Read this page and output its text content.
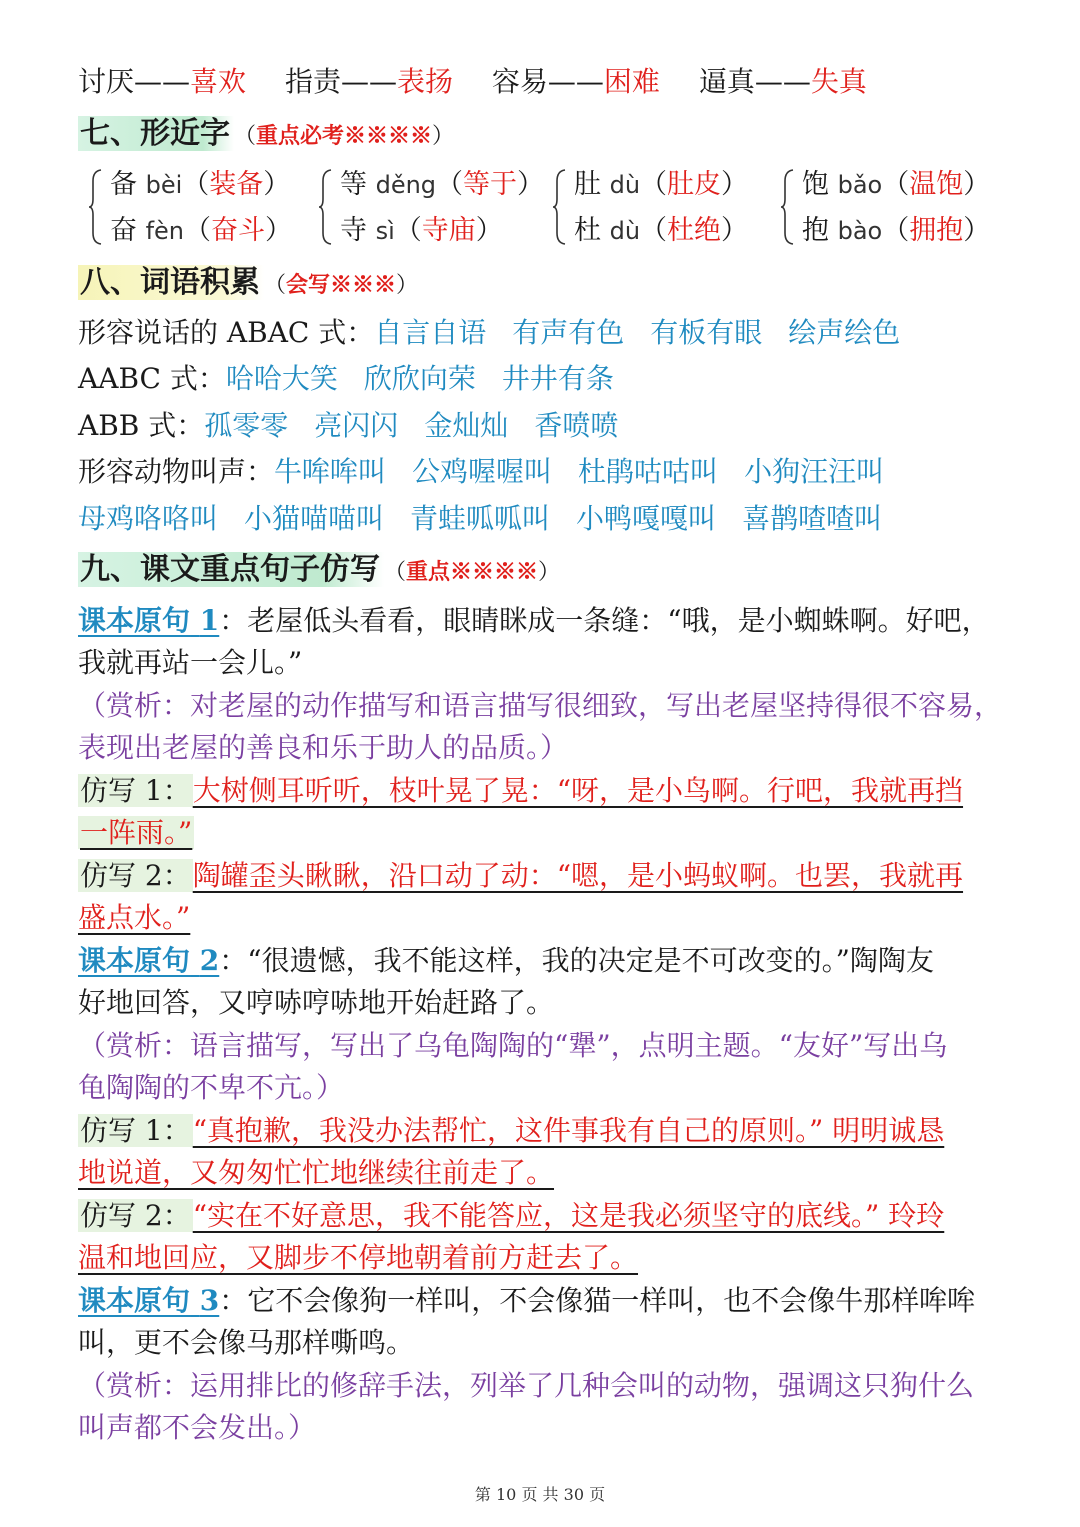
讨厌——喜欢 指责——表扬 容易——困难 逼真——失真
七、形近字 （重点必考※※※※）
备 bèi（装备）
奋 fèn（奋斗）
等 děng（等于）
寺 sì（寺庙）
肚 dù（肚皮）
杜 dù（杜绝）
饱 bǎo（温饱）
抱 bào（拥抱）
八、词语积累 （会写※※※）
形容说话的 ABAC 式：自言自语 有声有色 有板有眼 绘声绘色
AABC 式：哈哈大笑 欣欣向荣 井井有条
ABB 式：孤零零 亮闪闪 金灿灿 香喷喷
形容动物叫声：牛哞哞叫 公鸡喔喔叫 杜鹃咕咕叫 小狗汪汪叫
母鸡咯咯叫 小猫喵喵叫 青蛙呱呱叫 小鸭嘎嘎叫 喜鹊喳喳叫
九、课文重点句子仿写 （重点※※※※）
课本原句 1：老屋低头看看，眼睛眯成一条缝：“哦，是小蜘蛛啊。好吧，
我就再站一会儿。”
（赏析：对老屋的动作描写和语言描写很细致，写出老屋坚持得很不容易，
表现出老屋的善良和乐于助人的品质。）
仿写 1：大树侧耳听听，枝叶晃了晃：“呀，是小鸟啊。行吧，我就再挡
一阵雨。”
仿写 2：陶罐歪头瞅瞅，沿口动了动：“嗯，是小蚂蚁啊。也罢，我就再
盛点水。”
课本原句 2：“很遗憾，我不能这样，我的决定是不可改变的。”陶陶友
好地回答，又哼哧哼哧地开始赶路了。
（赏析：语言描写，写出了乌龟陶陶的“犟”，点明主题。“友好”写出乌
龟陶陶的不卑不亢。）
仿写 1：“真抱歉，我没办法帮忙，这件事我有自己的原则。” 明明诚恳
地说道，又匆匆忙忙地继续往前走了。
仿写 2：“实在不好意思，我不能答应，这是我必须坚守的底线。” 玲玲
温和地回应，又脚步不停地朝着前方赶去了。
课本原句 3：它不会像狗一样叫，不会像猫一样叫，也不会像牛那样哞哞
叫，更不会像马那样嘶鸣。
（赏析：运用排比的修辞手法，列举了几种会叫的动物，强调这只狗什么
叫声都不会发出。）
第 10 页 共 30 页
